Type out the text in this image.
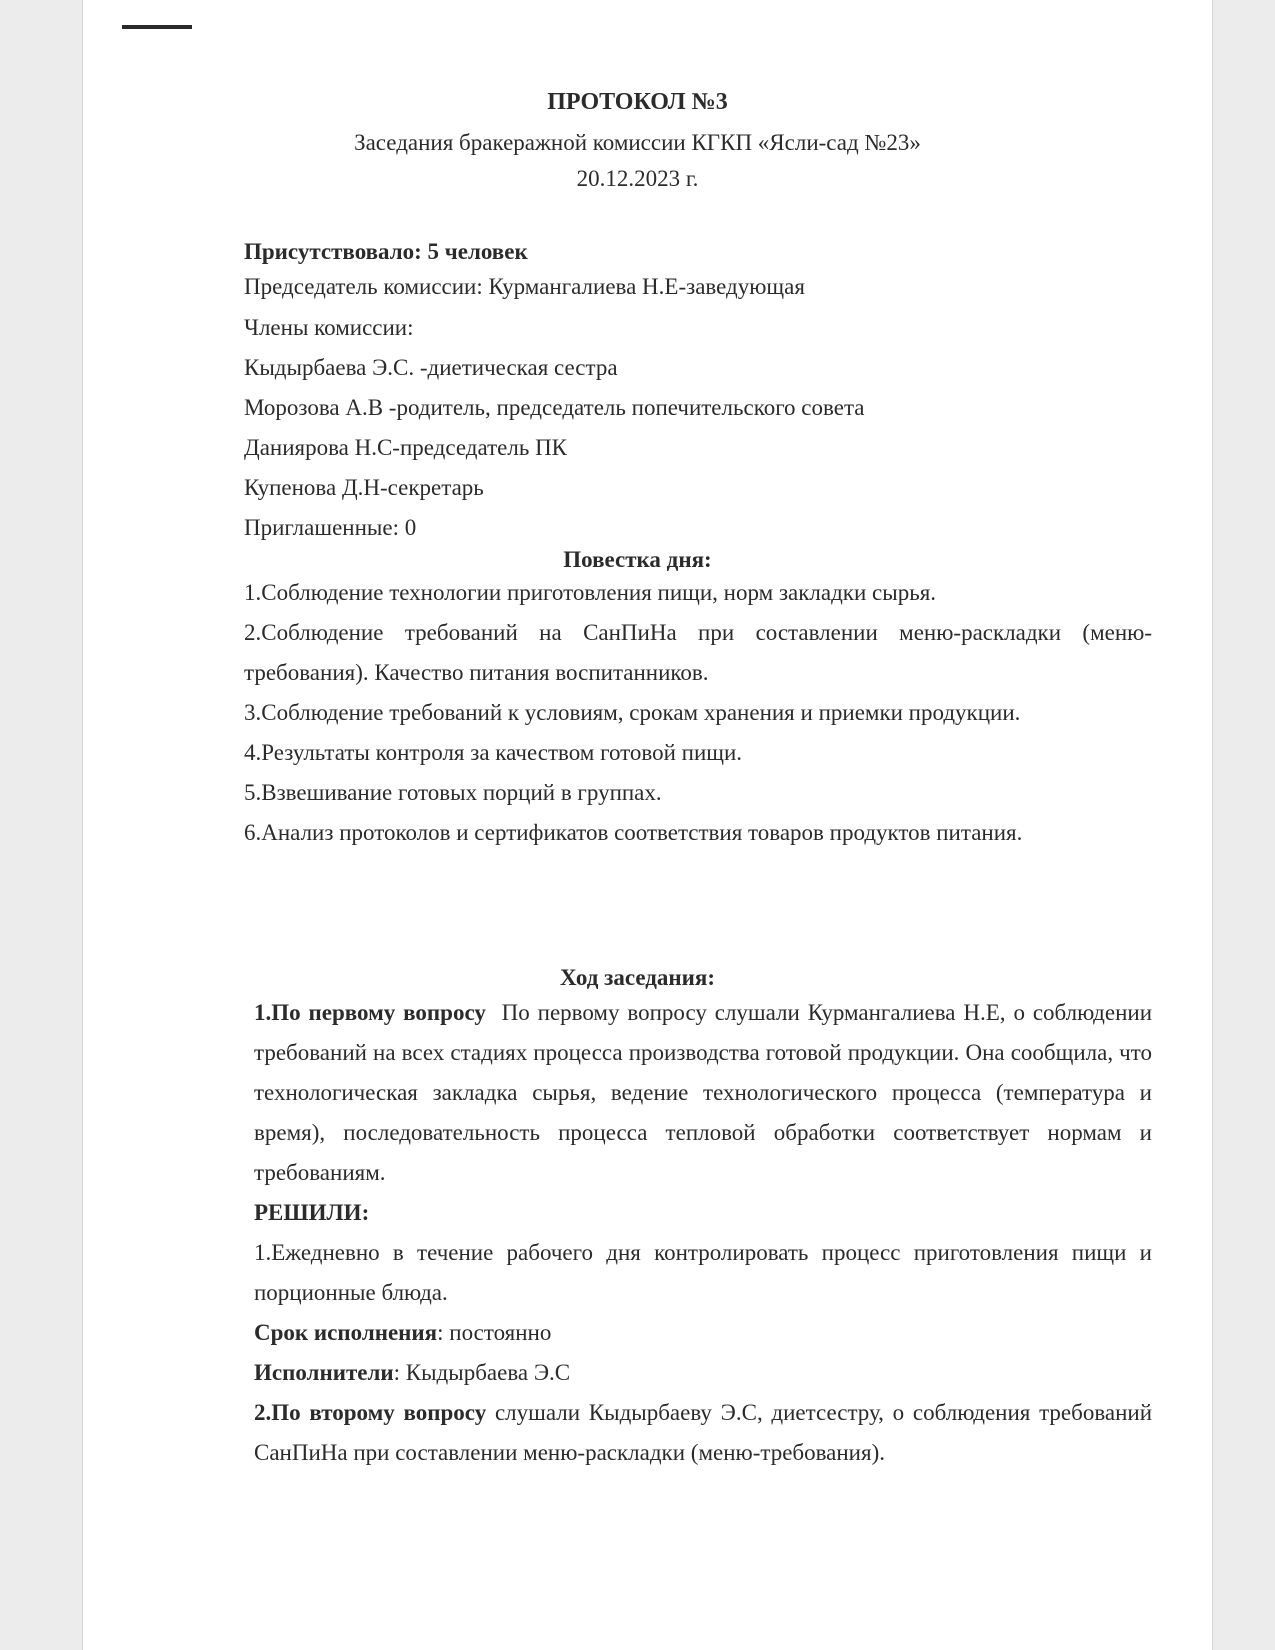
ПРОТОКОЛ №3
Заседания бракеражной комиссии КГКП «Ясли-сад №23»
20.12.2023 г.
Присутствовало: 5 человек
Председатель комиссии: Курмангалиева Н.Е-заведующая
Члены комиссии:
Кыдырбаева Э.С. -диетическая сестра
Морозова А.В -родитель, председатель попечительского совета
Даниярова Н.С-председатель ПК
Купенова Д.Н-секретарь
Приглашенные: 0
Повестка дня:

1.Соблюдение технологии приготовления пищи, норм закладки сырья.

2.Соблюдение требований на СанПиНа при составлении меню-раскладки (меню-требования). Качество питания воспитанников.

3.Соблюдение требований к условиям, срокам хранения и приемки продукции.

4.Результаты контроля за качеством готовой пищи.

5.Взвешивание готовых порций в группах.

6.Анализ протоколов и сертификатов соответствия товаров продуктов питания.

Ход заседания:

1.По первому вопросу По первому вопросу слушали Курмангалиева Н.Е, о соблюдении требований на всех стадиях процесса производства готовой продукции. Она сообщила, что технологическая закладка сырья, ведение технологического процесса (температура и время), последовательность процесса тепловой обработки соответствует нормам и требованиям.

РЕШИЛИ:

1.Ежедневно в течение рабочего дня контролировать процесс приготовления пищи и порционные блюда.

Срок исполнения: постоянно

Исполнители: Кыдырбаева Э.С

2.По второму вопросу слушали Кыдырбаеву Э.С, диетсестру, о соблюдения требований СанПиНа при составлении меню-раскладки (меню-требования).
